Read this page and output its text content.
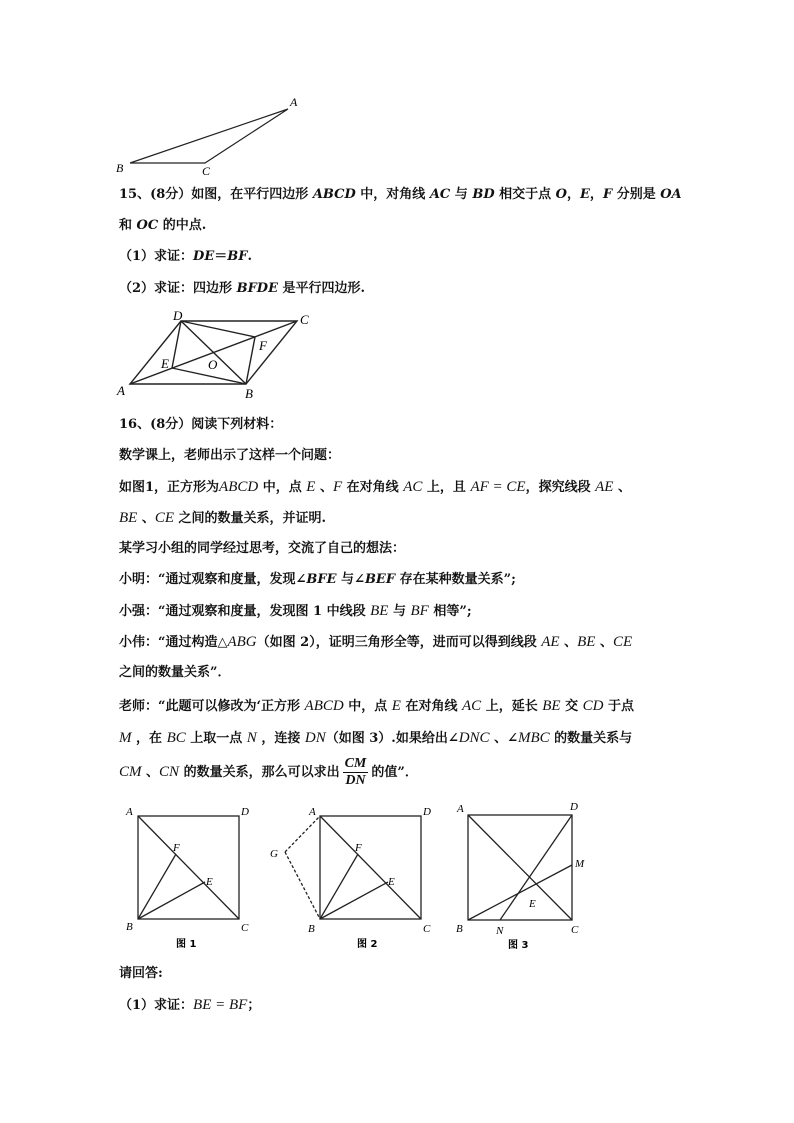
A
B	C
15、(8分）如图，在平行四边形 ABCD 中，对角线 AC 与 BD 相交于点 O，E，F 分别是 OA
和 OC 的中点.
（1）求证：DE＝BF.
（2）求证：四边形 BFDE 是平行四边形.
A	B
C
D
E
F
O
16、(8分）阅读下列材料：
数学课上，老师出示了这样一个问题：
如图1，正方形为ABCD 中，点 E 、F 在对角线 AC 上，且 AF = CE，探究线段 AE 、
BE 、CE 之间的数量关系，并证明.
某学习小组的同学经过思考，交流了自己的想法：
小明：“通过观察和度量，发现∠BFE 与∠BEF 存在某种数量关系”;
小强：“通过观察和度量，发现图 1 中线段 BE 与 BF 相等”;
小伟：“通过构造△ABG（如图 2），证明三角形全等，进而可以得到线段 AE 、BE 、CE
之间的数量关系”．
老师：“此题可以修改为‘正方形 ABCD 中，点 E 在对角线 AC 上，延长 BE 交 CD 于点
M ，在 BC 上取一点 N ，连接 DN（如图 3）.如果给出∠DNC 、∠MBC 的数量关系与
CM 、CN 的数量关系，那么可以求出 $\frac{CM}{DN}$ 的值”．
A	D
B	C
F
E
图 1
A	D
B	C
G	F
E
图 2
A	D
B	C
M
N
E
图 3
请回答:
（1）求证：BE = BF；
